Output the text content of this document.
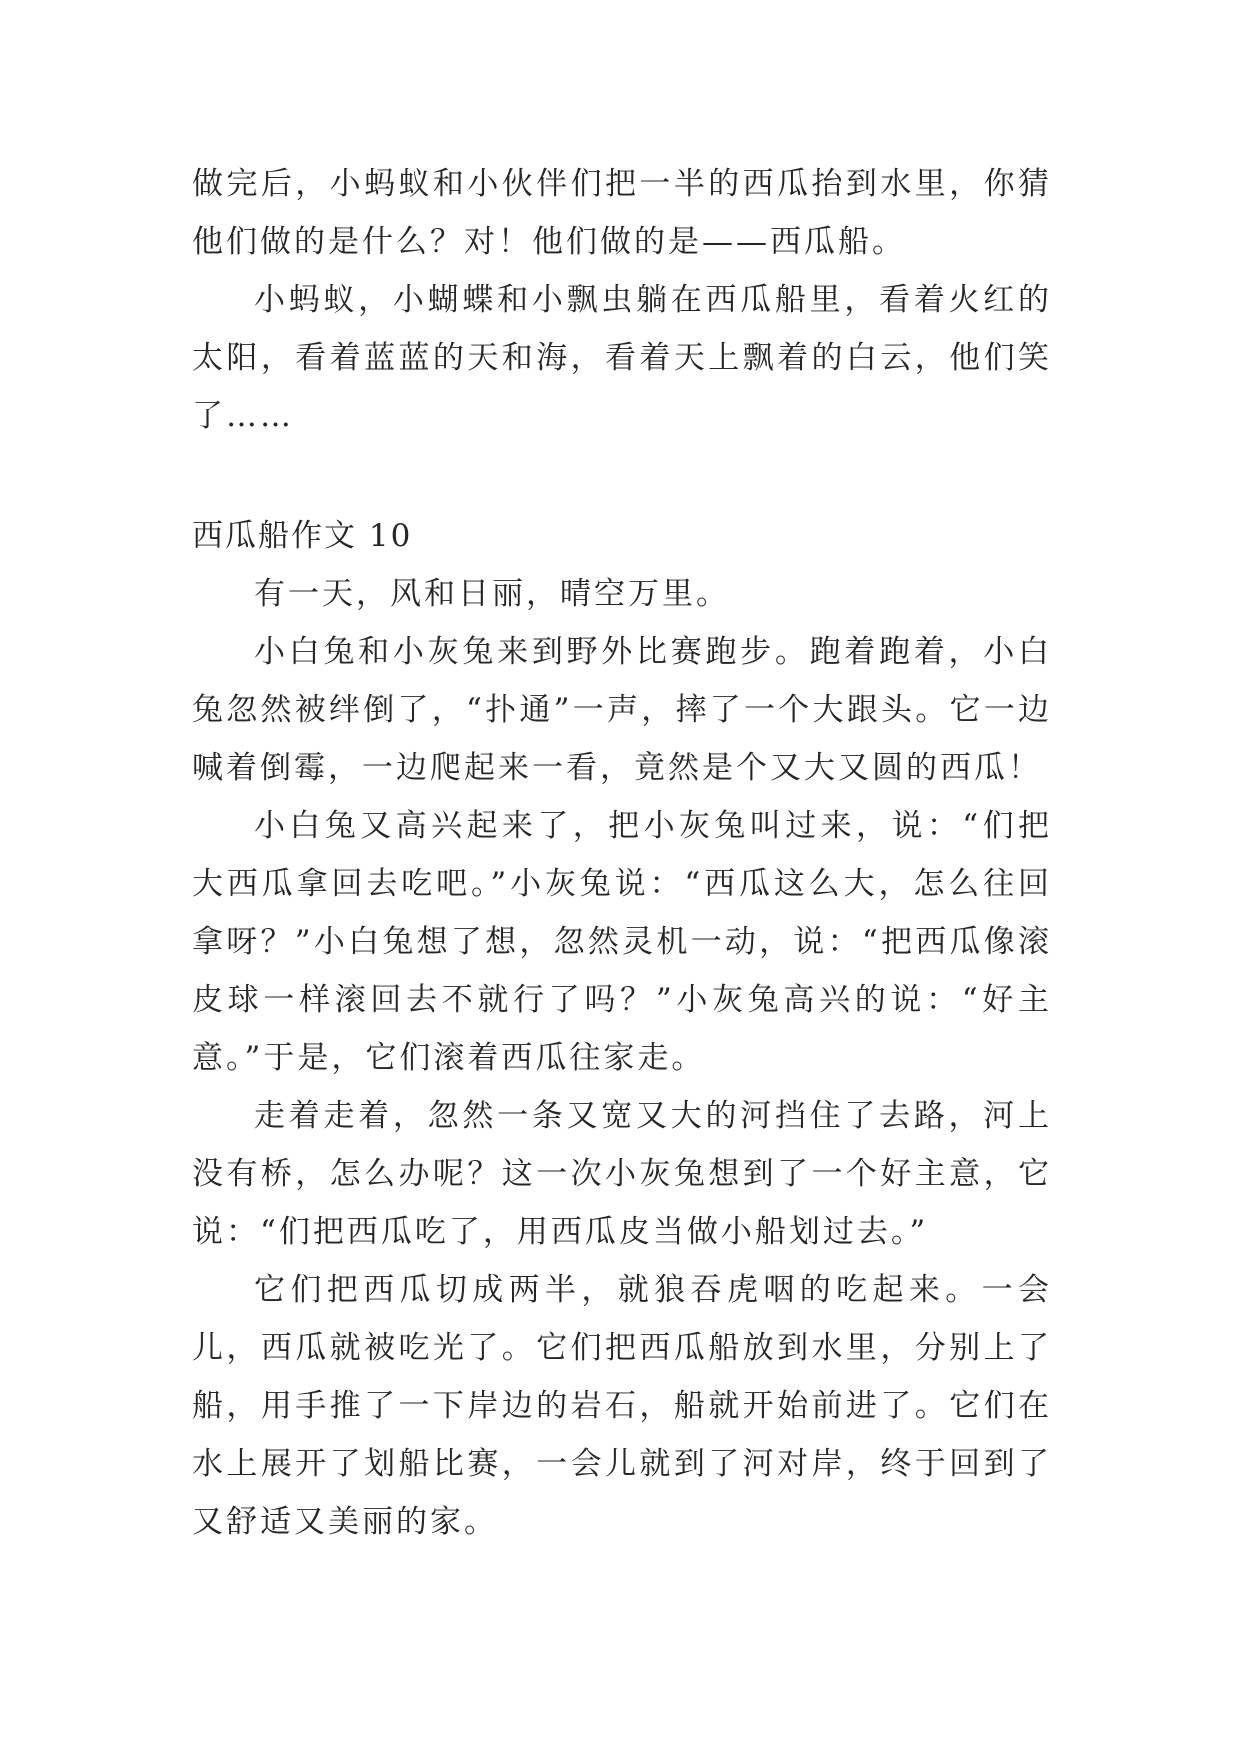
做完后，小蚂蚁和小伙伴们把一半的西瓜抬到水里，你猜他们做的是什么？对！他们做的是——西瓜船。

小蚂蚁，小蝴蝶和小飘虫躺在西瓜船里，看着火红的太阳，看着蓝蓝的天和海，看着天上飘着的白云，他们笑了……

西瓜船作文 10

有一天，风和日丽，晴空万里。

小白兔和小灰兔来到野外比赛跑步。跑着跑着，小白兔忽然被绊倒了，“扑通”一声，摔了一个大跟头。它一边喊着倒霉，一边爬起来一看，竟然是个又大又圆的西瓜！

小白兔又高兴起来了，把小灰兔叫过来，说：“们把大西瓜拿回去吃吧。”小灰兔说：“西瓜这么大，怎么往回拿呀？”小白兔想了想，忽然灵机一动，说：“把西瓜像滚皮球一样滚回去不就行了吗？”小灰兔高兴的说：“好主意。”于是，它们滚着西瓜往家走。

走着走着，忽然一条又宽又大的河挡住了去路，河上没有桥，怎么办呢？这一次小灰兔想到了一个好主意，它说：“们把西瓜吃了，用西瓜皮当做小船划过去。”

它们把西瓜切成两半，就狼吞虎咽的吃起来。一会儿，西瓜就被吃光了。它们把西瓜船放到水里，分别上了船，用手推了一下岸边的岩石，船就开始前进了。它们在水上展开了划船比赛，一会儿就到了河对岸，终于回到了又舒适又美丽的家。
